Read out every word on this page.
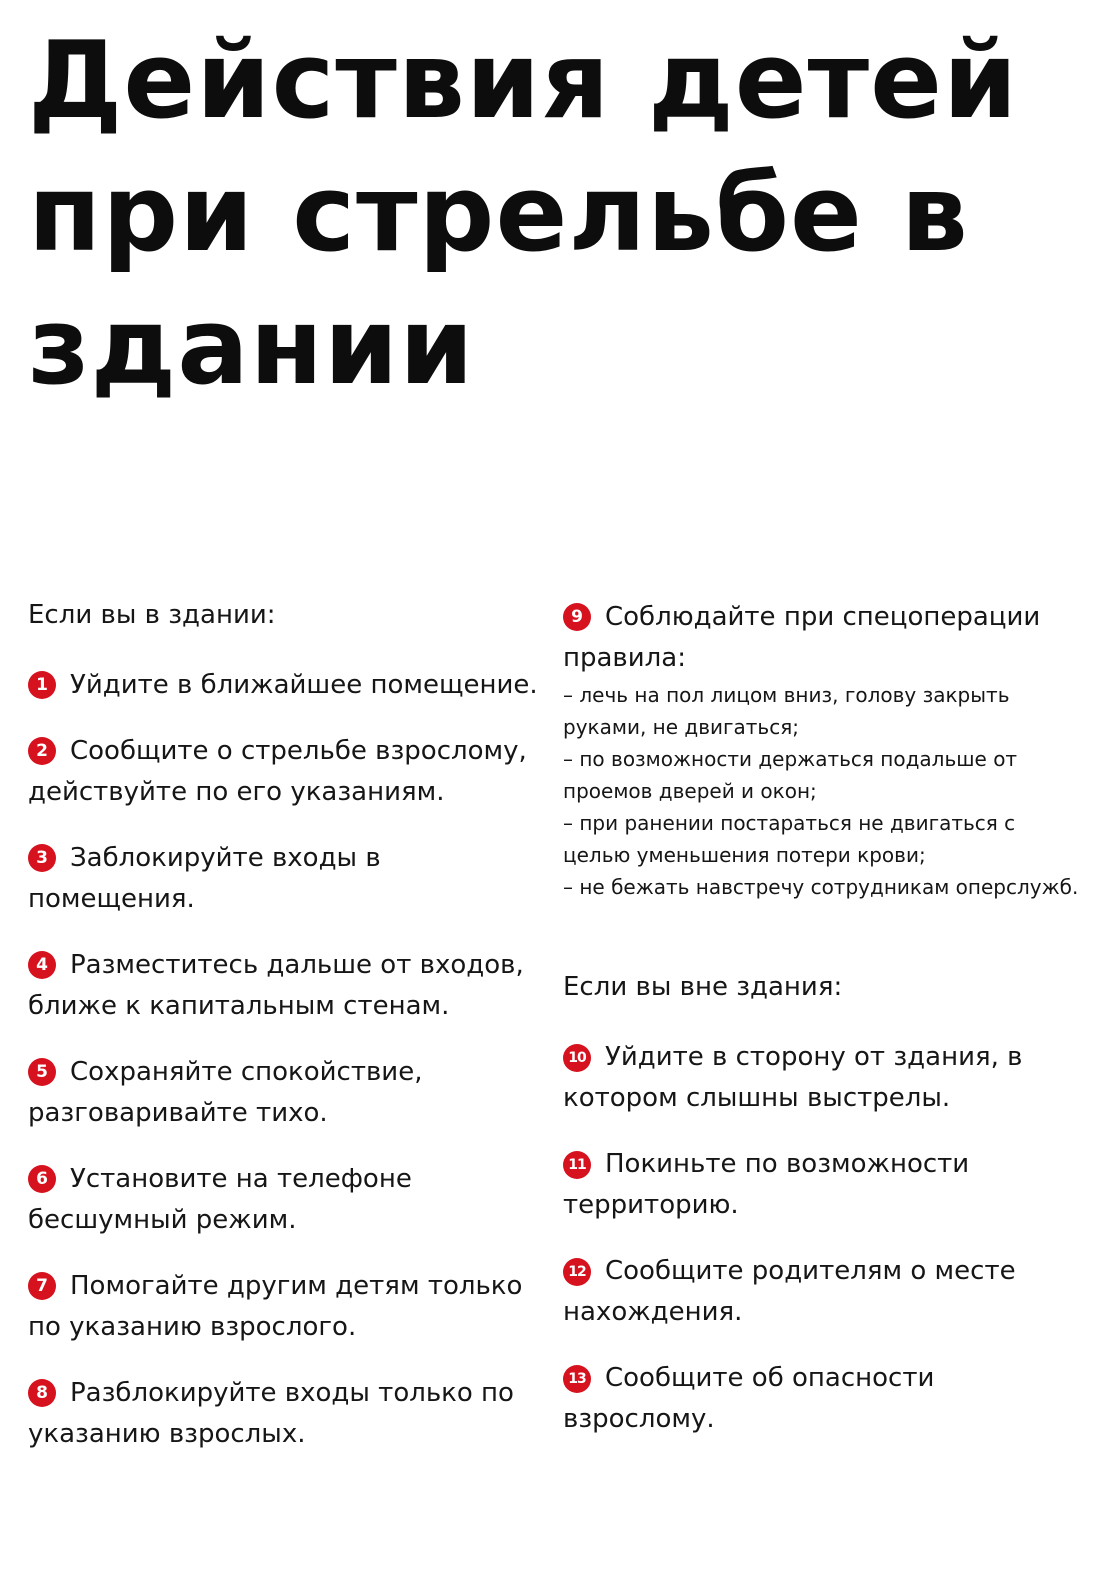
Действия детей
при стрельбе в
здании
Если вы в здании:
1 Уйдите в ближайшее помещение.
2 Сообщите о стрельбе взрослому, действуйте по его указаниям.
3 Заблокируйте входы в помещения.
4 Разместитесь дальше от входов, ближе к капитальным стенам.
5 Сохраняйте спокойствие, разговаривайте тихо.
6 Установите на телефоне бесшумный режим.
7 Помогайте другим детям только по указанию взрослого.
8 Разблокируйте входы только по указанию взрослых.
9 Соблюдайте при спецоперации правила:
– лечь на пол лицом вниз, голову закрыть руками, не двигаться;
– по возможности держаться подальше от проемов дверей и окон;
– при ранении постараться не двигаться с целью уменьшения потери крови;
– не бежать навстречу сотрудникам оперслужб.
Если вы вне здания:
10 Уйдите в сторону от здания, в котором слышны выстрелы.
11 Покиньте по возможности территорию.
12 Сообщите родителям о месте нахождения.
13 Сообщите об опасности взрослому.
